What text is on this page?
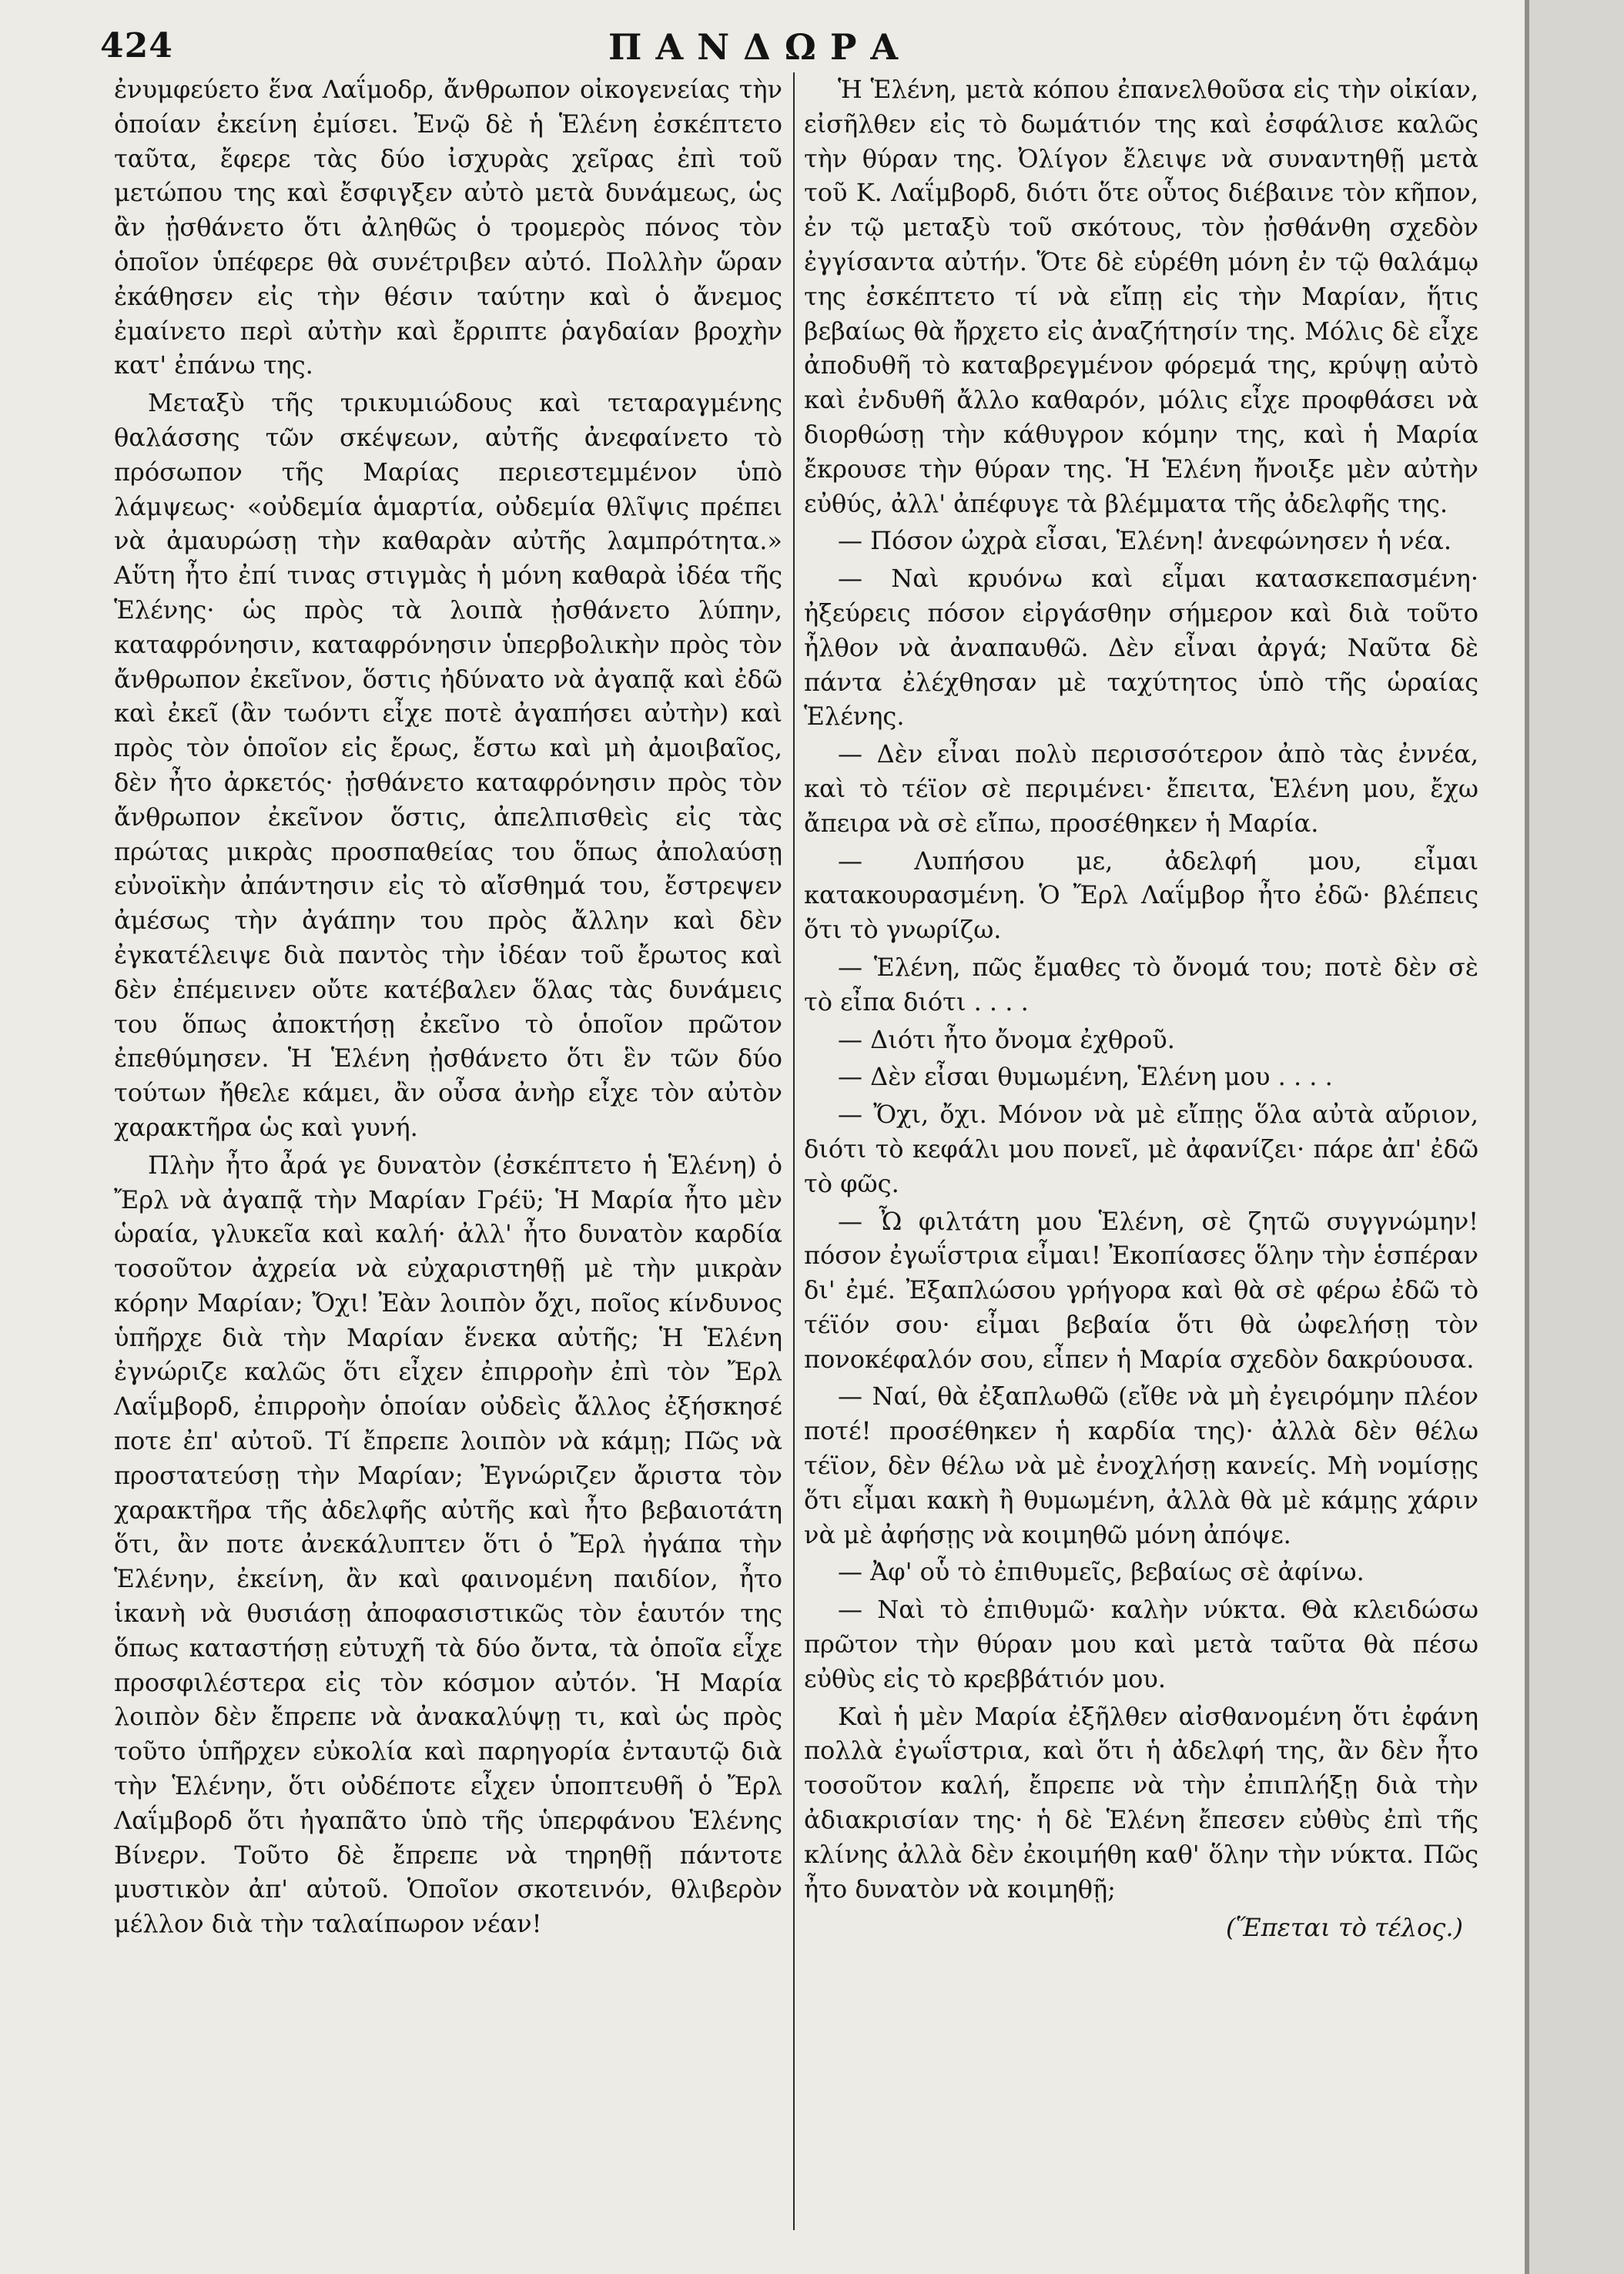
424	ΠΑΝΔΩΡΑ

ἐνυμφεύετο ἕνα Λαΐμοδρ, ἄνθρωπον οἰκογενείας τὴν ὁποίαν ἐκείνη ἐμίσει. Ἐνῷ δὲ ἡ Ἑλένη ἐσκέπτετο ταῦτα, ἔφερε τὰς δύο ἰσχυρὰς χεῖρας ἐπὶ τοῦ μετώπου της καὶ ἔσφιγξεν αὐτὸ μετὰ δυνάμεως, ὡς ἂν ᾐσθάνετο ὅτι ἀληθῶς ὁ τρομερὸς πόνος τὸν ὁποῖον ὑπέφερε θὰ συνέτριβεν αὐτό. Πολλὴν ὥραν ἐκάθησεν εἰς τὴν θέσιν ταύτην καὶ ὁ ἄνεμος ἐμαίνετο περὶ αὐτὴν καὶ ἔρριπτε ῥαγδαίαν βροχὴν κατ' ἐπάνω της.

Μεταξὺ τῆς τρικυμιώδους καὶ τεταραγμένης θαλάσσης τῶν σκέψεων, αὐτῆς ἀνεφαίνετο τὸ πρόσωπον τῆς Μαρίας περιεστεμμένον ὑπὸ λάμψεως· «οὐδεμία ἁμαρτία, οὐδεμία θλῖψις πρέπει νὰ ἀμαυρώσῃ τὴν καθαρὰν αὐτῆς λαμπρότητα.» Αὕτη ἦτο ἐπί τινας στιγμὰς ἡ μόνη καθαρὰ ἰδέα τῆς Ἑλένης· ὡς πρὸς τὰ λοιπὰ ᾐσθάνετο λύπην, καταφρόνησιν, καταφρόνησιν ὑπερβολικὴν πρὸς τὸν ἄνθρωπον ἐκεῖνον, ὅστις ἠδύνατο νὰ ἀγαπᾷ καὶ ἐδῶ καὶ ἐκεῖ (ἂν τωόντι εἶχε ποτὲ ἀγαπήσει αὐτὴν) καὶ πρὸς τὸν ὁποῖον εἰς ἔρως, ἔστω καὶ μὴ ἀμοιβαῖος, δὲν ἦτο ἀρκετός· ᾐσθάνετο καταφρόνησιν πρὸς τὸν ἄνθρωπον ἐκεῖνον ὅστις, ἀπελπισθεὶς εἰς τὰς πρώτας μικρὰς προσπαθείας του ὅπως ἀπολαύσῃ εὐνοϊκὴν ἀπάντησιν εἰς τὸ αἴσθημά του, ἔστρεψεν ἀμέσως τὴν ἀγάπην του πρὸς ἄλλην καὶ δὲν ἐγκατέλειψε διὰ παντὸς τὴν ἰδέαν τοῦ ἔρωτος καὶ δὲν ἐπέμεινεν οὔτε κατέβαλεν ὅλας τὰς δυνάμεις του ὅπως ἀποκτήσῃ ἐκεῖνο τὸ ὁποῖον πρῶτον ἐπεθύμησεν. Ἡ Ἑλένη ᾐσθάνετο ὅτι ἓν τῶν δύο τούτων ἤθελε κάμει, ἂν οὖσα ἀνὴρ εἶχε τὸν αὐτὸν χαρακτῆρα ὡς καὶ γυνή.

Πλὴν ἦτο ἆρά γε δυνατὸν (ἐσκέπτετο ἡ Ἑλένη) ὁ Ἔρλ νὰ ἀγαπᾷ τὴν Μαρίαν Γρέϋ; Ἡ Μαρία ἦτο μὲν ὡραία, γλυκεῖα καὶ καλή· ἀλλ' ἦτο δυνατὸν καρδία τοσοῦτον ἀχρεία νὰ εὐχαριστηθῇ μὲ τὴν μικρὰν κόρην Μαρίαν; Ὄχι! Ἐὰν λοιπὸν ὄχι, ποῖος κίνδυνος ὑπῆρχε διὰ τὴν Μαρίαν ἕνεκα αὐτῆς; Ἡ Ἑλένη ἐγνώριζε καλῶς ὅτι εἶχεν ἐπιρροὴν ἐπὶ τὸν Ἔρλ Λαΐμβορδ, ἐπιρροὴν ὁποίαν οὐδεὶς ἄλλος ἐξήσκησέ ποτε ἐπ' αὐτοῦ. Τί ἔπρεπε λοιπὸν νὰ κάμῃ; Πῶς νὰ προστατεύσῃ τὴν Μαρίαν; Ἐγνώριζεν ἄριστα τὸν χαρακτῆρα τῆς ἀδελφῆς αὐτῆς καὶ ἦτο βεβαιοτάτη ὅτι, ἂν ποτε ἀνεκάλυπτεν ὅτι ὁ Ἔρλ ἠγάπα τὴν Ἑλένην, ἐκείνη, ἂν καὶ φαινομένη παιδίον, ἦτο ἱκανὴ νὰ θυσιάσῃ ἀποφασιστικῶς τὸν ἑαυτόν της ὅπως καταστήσῃ εὐτυχῆ τὰ δύο ὄντα, τὰ ὁποῖα εἶχε προσφιλέστερα εἰς τὸν κόσμον αὐτόν. Ἡ Μαρία λοιπὸν δὲν ἔπρεπε νὰ ἀνακαλύψῃ τι, καὶ ὡς πρὸς τοῦτο ὑπῆρχεν εὐκολία καὶ παρηγορία ἐνταυτῷ διὰ τὴν Ἑλένην, ὅτι οὐδέποτε εἶχεν ὑποπτευθῆ ὁ Ἔρλ Λαΐμβορδ ὅτι ἠγαπᾶτο ὑπὸ τῆς ὑπερφάνου Ἑλένης Βίνερν. Τοῦτο δὲ ἔπρεπε νὰ τηρηθῇ πάντοτε μυστικὸν ἀπ' αὐτοῦ. Ὁποῖον σκοτεινόν, θλιβερὸν μέλλον διὰ τὴν ταλαίπωρον νέαν!

Ἡ Ἑλένη, μετὰ κόπου ἐπανελθοῦσα εἰς τὴν οἰκίαν, εἰσῆλθεν εἰς τὸ δωμάτιόν της καὶ ἐσφάλισε καλῶς τὴν θύραν της. Ὀλίγον ἔλειψε νὰ συναντηθῇ μετὰ τοῦ Κ. Λαΐμβορδ, διότι ὅτε οὗτος διέβαινε τὸν κῆπον, ἐν τῷ μεταξὺ τοῦ σκότους, τὸν ᾐσθάνθη σχεδὸν ἐγγίσαντα αὐτήν. Ὅτε δὲ εὑρέθη μόνη ἐν τῷ θαλάμῳ της ἐσκέπτετο τί νὰ εἴπῃ εἰς τὴν Μαρίαν, ἥτις βεβαίως θὰ ἤρχετο εἰς ἀναζήτησίν της. Μόλις δὲ εἶχε ἀποδυθῆ τὸ καταβρεγμένον φόρεμά της, κρύψῃ αὐτὸ καὶ ἐνδυθῆ ἄλλο καθαρόν, μόλις εἶχε προφθάσει νὰ διορθώσῃ τὴν κάθυγρον κόμην της, καὶ ἡ Μαρία ἔκρουσε τὴν θύραν της. Ἡ Ἑλένη ἤνοιξε μὲν αὐτὴν εὐθύς, ἀλλ' ἀπέφυγε τὰ βλέμματα τῆς ἀδελφῆς της.

— Πόσον ὠχρὰ εἶσαι, Ἑλένη! ἀνεφώνησεν ἡ νέα.

— Ναὶ κρυόνω καὶ εἶμαι κατασκεπασμένη· ἠξεύρεις πόσον εἰργάσθην σήμερον καὶ διὰ τοῦτο ἦλθον νὰ ἀναπαυθῶ. Δὲν εἶναι ἀργά; Ναῦτα δὲ πάντα ἐλέχθησαν μὲ ταχύτητος ὑπὸ τῆς ὡραίας Ἑλένης.

— Δὲν εἶναι πολὺ περισσότερον ἀπὸ τὰς ἐννέα, καὶ τὸ τέϊον σὲ περιμένει· ἔπειτα, Ἑλένη μου, ἔχω ἄπειρα νὰ σὲ εἴπω, προσέθηκεν ἡ Μαρία.

— Λυπήσου με, ἀδελφή μου, εἶμαι κατακουρασμένη. Ὁ Ἔρλ Λαΐμβορ ἦτο ἐδῶ· βλέπεις ὅτι τὸ γνωρίζω.

— Ἑλένη, πῶς ἔμαθες τὸ ὄνομά του; ποτὲ δὲν σὲ τὸ εἶπα διότι . . . .

— Διότι ἦτο ὄνομα ἐχθροῦ.

— Δὲν εἶσαι θυμωμένη, Ἑλένη μου . . . .

— Ὄχι, ὄχι. Μόνον νὰ μὲ εἴπῃς ὅλα αὐτὰ αὔριον, διότι τὸ κεφάλι μου πονεῖ, μὲ ἀφανίζει· πάρε ἀπ' ἐδῶ τὸ φῶς.

— Ὦ φιλτάτη μου Ἑλένη, σὲ ζητῶ συγγνώμην! πόσον ἐγωΐστρια εἶμαι! Ἐκοπίασες ὅλην τὴν ἑσπέραν δι' ἐμέ. Ἐξαπλώσου γρήγορα καὶ θὰ σὲ φέρω ἐδῶ τὸ τέϊόν σου· εἶμαι βεβαία ὅτι θὰ ὠφελήσῃ τὸν πονοκέφαλόν σου, εἶπεν ἡ Μαρία σχεδὸν δακρύουσα.

— Ναί, θὰ ἐξαπλωθῶ (εἴθε νὰ μὴ ἐγειρόμην πλέον ποτέ! προσέθηκεν ἡ καρδία της)· ἀλλὰ δὲν θέλω τέϊον, δὲν θέλω νὰ μὲ ἐνοχλήσῃ κανείς. Μὴ νομίσῃς ὅτι εἶμαι κακὴ ἢ θυμωμένη, ἀλλὰ θὰ μὲ κάμῃς χάριν νὰ μὲ ἀφήσῃς νὰ κοιμηθῶ μόνη ἀπόψε.

— Ἀφ' οὗ τὸ ἐπιθυμεῖς, βεβαίως σὲ ἀφίνω.

— Ναὶ τὸ ἐπιθυμῶ· καλὴν νύκτα. Θὰ κλειδώσω πρῶτον τὴν θύραν μου καὶ μετὰ ταῦτα θὰ πέσω εὐθὺς εἰς τὸ κρεββάτιόν μου.

Καὶ ἡ μὲν Μαρία ἐξῆλθεν αἰσθανομένη ὅτι ἐφάνη πολλὰ ἐγωΐστρια, καὶ ὅτι ἡ ἀδελφή της, ἂν δὲν ἦτο τοσοῦτον καλή, ἔπρεπε νὰ τὴν ἐπιπλήξῃ διὰ τὴν ἀδιακρισίαν της· ἡ δὲ Ἑλένη ἔπεσεν εὐθὺς ἐπὶ τῆς κλίνης ἀλλὰ δὲν ἐκοιμήθη καθ' ὅλην τὴν νύκτα. Πῶς ἦτο δυνατὸν νὰ κοιμηθῇ;

(Ἕπεται τὸ τέλος.)
